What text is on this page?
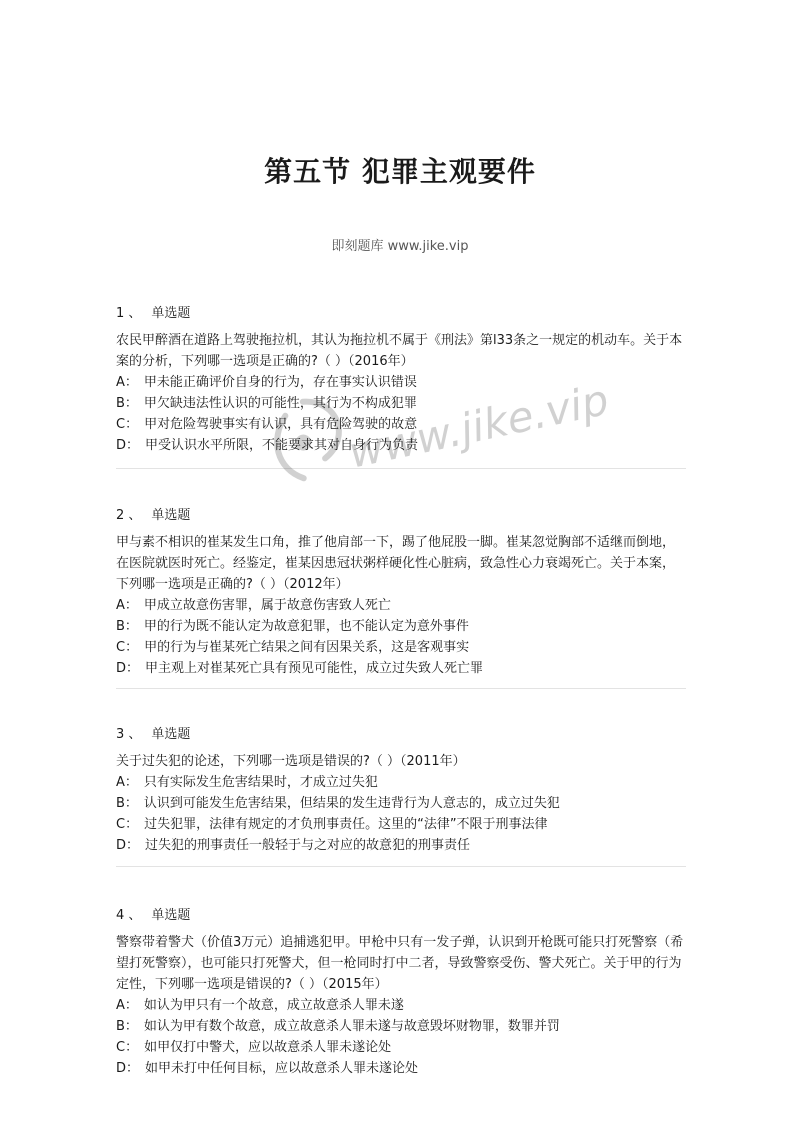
第五节 犯罪主观要件
即刻题库 www.jike.vip
1 、 单选题
农民甲醉酒在道路上驾驶拖拉机，其认为拖拉机不属于《刑法》第l33条之一规定的机动车。关于本案的分析，下列哪一选项是正确的?（ ）（2016年）
A： 甲未能正确评价自身的行为，存在事实认识错误
B： 甲欠缺违法性认识的可能性，其行为不构成犯罪
C： 甲对危险驾驶事实有认识，具有危险驾驶的故意
D： 甲受认识水平所限，不能要求其对自身行为负责
2 、 单选题
甲与素不相识的崔某发生口角，推了他肩部一下，踢了他屁股一脚。崔某忽觉胸部不适继而倒地，在医院就医时死亡。经鉴定，崔某因患冠状粥样硬化性心脏病，致急性心力衰竭死亡。关于本案，下列哪一选项是正确的?（ ）（2012年）
A： 甲成立故意伤害罪，属于故意伤害致人死亡
B： 甲的行为既不能认定为故意犯罪，也不能认定为意外事件
C： 甲的行为与崔某死亡结果之间有因果关系，这是客观事实
D： 甲主观上对崔某死亡具有预见可能性，成立过失致人死亡罪
3 、 单选题
关于过失犯的论述，下列哪一选项是错误的?（ ）（2011年）
A： 只有实际发生危害结果时，才成立过失犯
B： 认识到可能发生危害结果，但结果的发生违背行为人意志的，成立过失犯
C： 过失犯罪，法律有规定的才负刑事责任。这里的“法律”不限于刑事法律
D： 过失犯的刑事责任一般轻于与之对应的故意犯的刑事责任
4 、 单选题
警察带着警犬（价值3万元）追捕逃犯甲。甲枪中只有一发子弹，认识到开枪既可能只打死警察（希望打死警察），也可能只打死警犬，但一枪同时打中二者，导致警察受伤、警犬死亡。关于甲的行为定性，下列哪一选项是错误的?（ ）（2015年）
A： 如认为甲只有一个故意，成立故意杀人罪未遂
B： 如认为甲有数个故意，成立故意杀人罪未遂与故意毁坏财物罪，数罪并罚
C： 如甲仅打中警犬，应以故意杀人罪未遂论处
D： 如甲未打中任何目标，应以故意杀人罪未遂论处
www.jike.vip
